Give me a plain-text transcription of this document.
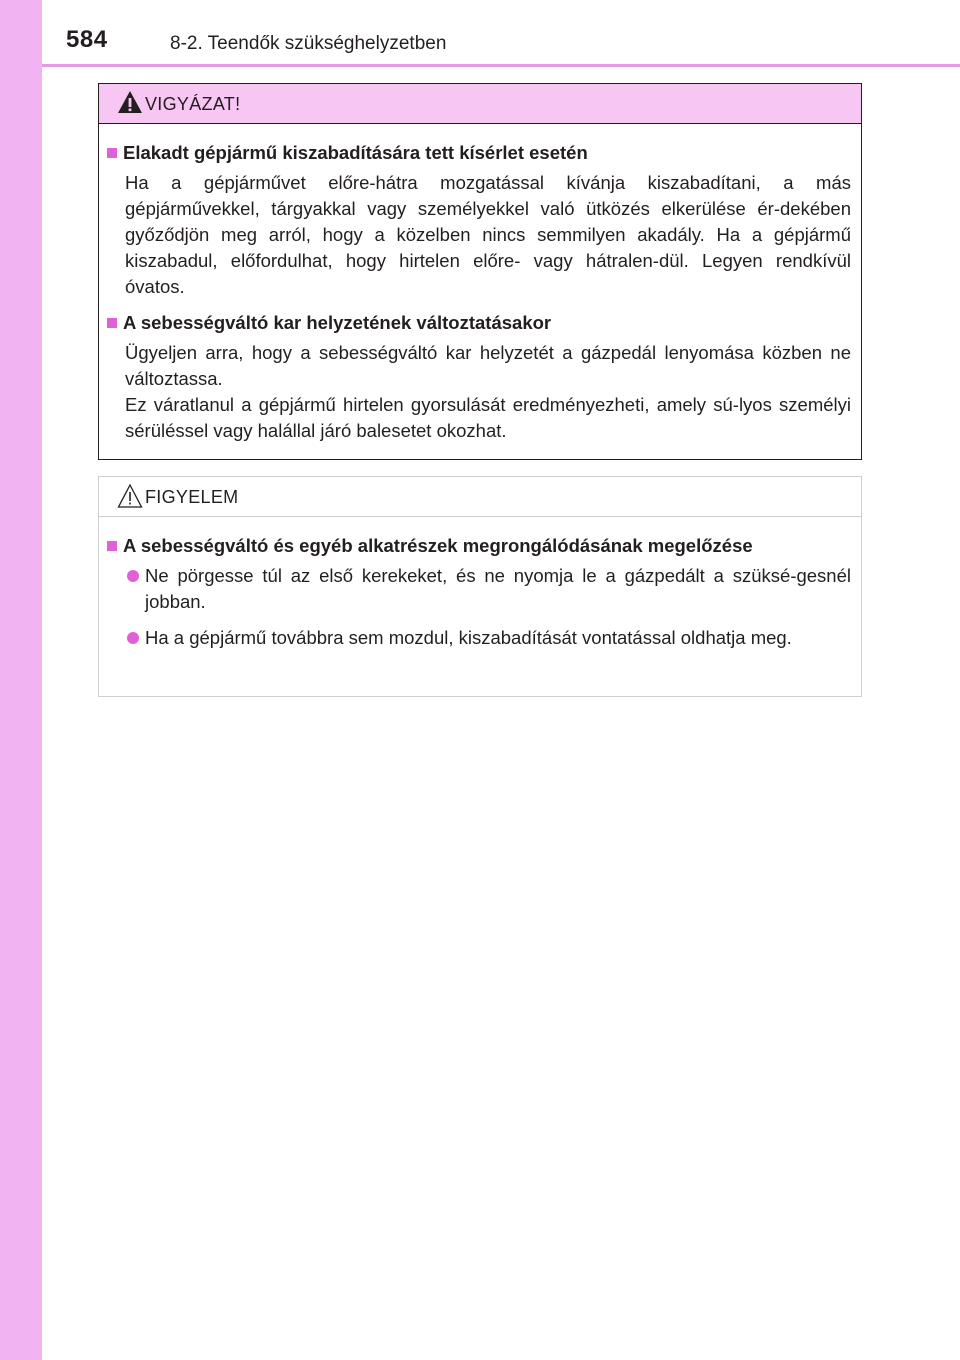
584	8-2. Teendők szükséghelyzetben
VIGYÁZAT!
Elakadt gépjármű kiszabadítására tett kísérlet esetén
Ha a gépjárművet előre-hátra mozgatással kívánja kiszabadítani, a más gépjárművekkel, tárgyakkal vagy személyekkel való ütközés elkerülése ér-dekében győződjön meg arról, hogy a közelben nincs semmilyen akadály. Ha a gépjármű kiszabadul, előfordulhat, hogy hirtelen előre- vagy hátralen-dül. Legyen rendkívül óvatos.
A sebességváltó kar helyzetének változtatásakor
Ügyeljen arra, hogy a sebességváltó kar helyzetét a gázpedál lenyomása közben ne változtassa.
Ez váratlanul a gépjármű hirtelen gyorsulását eredményezheti, amely sú-lyos személyi sérüléssel vagy halállal járó balesetet okozhat.
FIGYELEM
A sebességváltó és egyéb alkatrészek megrongálódásának megelőzése
Ne pörgesse túl az első kerekeket, és ne nyomja le a gázpedált a szüksé-gesnél jobban.
Ha a gépjármű továbbra sem mozdul, kiszabadítását vontatással oldhatja meg.
